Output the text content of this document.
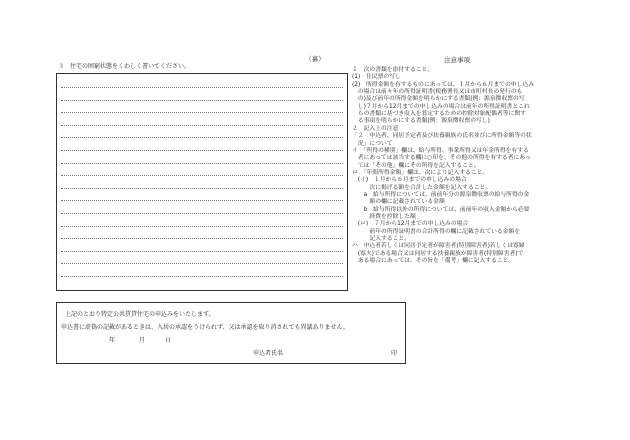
（裏）
３　住宅の困窮状態をくわしく書いてください。
注意事項
１　次の書類を添付すること。
(1)　住民票の写し
(2)　所得金額を有するものにあっては、１月から６月までの申し込み
　の場合は前々年の所得証明書(税務署長又は市町村長の発行のも
　の)及び前年の所得金額を明らかにする書類(例：源泉徴収票の写
　し)７月から12月までの申し込みの場合は前年の所得証明書とこれ
　らの書類に基づき収入を算定するための控除対象配偶者等に関す
　る事項を明らかにする書類(例：源泉徴収票の写し)
２　記入上の注意
「２　申込者、同居予定者及び扶養親族の氏名並びに所得金額等の状
　況」について
イ　「所得の種別」欄は、給与所得、事業所得又は年金所得を有する
　者にあっては該当する欄に○印を、その他の所得を有する者にあっ
　ては「その他」欄にその所得を記入すること。
ロ　「年間所得金額」欄は、次により記入すること。
　(イ)　１月から６月までの申し込みの場合
　　　次に掲げる額を合計した金額を記入すること。
　　a　給与所得については、前前年分の源泉徴収票の給与所得の金
　　　額の欄に記載されている金額
　　b　給与所得以外の所得については、前前年の収入金額から必要
　　　経費を控除した額
　(ロ)　７月から12月までの申し込みの場合
　　　前年の所得証明書の合計所得の欄に記載されている金額を
　　　記入すること。
ハ　申込者若しくは同居予定者が障害者(特別障害者)若しくは寡婦
　(寡夫)である場合又は同居する扶養親族が障害者(特別障害者)で
　ある場合にあっては、その旨を「備考」欄に記入すること。
上記のとおり特定公共賃貸住宅の申込みをいたします。
申込書に虚偽の記載があるときは、入居の承認をうけられず、又は承認を取り消されても異議ありません。
年	月	日
申込者氏名	印
